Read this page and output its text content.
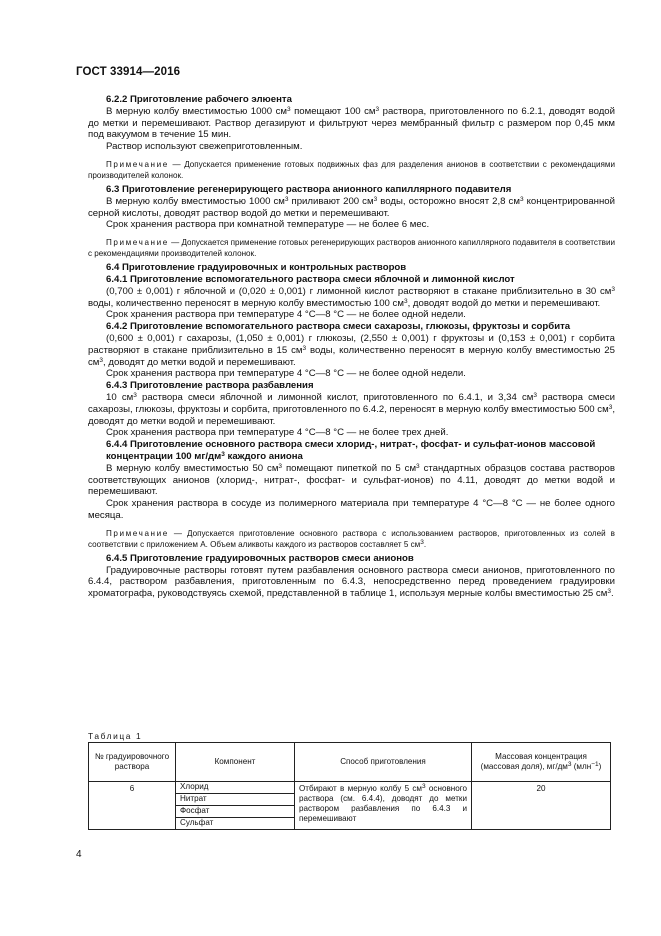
ГОСТ 33914—2016

6.2.2 Приготовление рабочего элюента

В мерную колбу вместимостью 1000 $см^3$ помещают 100 $см^3$ раствора, приготовленного по 6.2.1, доводят водой до метки и перемешивают. Раствор дегазируют и фильтруют через мембранный фильтр с размером пор 0,45 мкм под вакуумом в течение 15 мин.

Раствор используют свежеприготовленным.

Примечание — Допускается применение готовых подвижных фаз для разделения анионов в соответствии с рекомендациями производителей колонок.

6.3 Приготовление регенерирующего раствора анионного капиллярного подавителя

В мерную колбу вместимостью 1000 $см^3$ приливают 200 $см^3$ воды, осторожно вносят 2,8 $см^3$ концентрированной серной кислоты, доводят раствор водой до метки и перемешивают.

Срок хранения раствора при комнатной температуре — не более 6 мес.

Примечание — Допускается применение готовых регенерирующих растворов анионного капиллярного подавителя в соответствии с рекомендациями производителей колонок.

6.4 Приготовление градуировочных и контрольных растворов

6.4.1 Приготовление вспомогательного раствора смеси яблочной и лимонной кислот

(0,700 ± 0,001) г яблочной и (0,020 ± 0,001) г лимонной кислот растворяют в стакане приблизительно в 30 $см^3$ воды, количественно переносят в мерную колбу вместимостью 100 $см^3$, доводят водой до метки и перемешивают.

Срок хранения раствора при температуре 4 °С—8 °С — не более одной недели.

6.4.2 Приготовление вспомогательного раствора смеси сахарозы, глюкозы, фруктозы и сорбита

(0,600 ± 0,001) г сахарозы, (1,050 ± 0,001) г глюкозы, (2,550 ± 0,001) г фруктозы и (0,153 ± 0,001) г сорбита растворяют в стакане приблизительно в 15 $см^3$ воды, количественно переносят в мерную колбу вместимостью 25 $см^3$, доводят до метки водой и перемешивают.

Срок хранения раствора при температуре 4 °С—8 °С — не более одной недели.

6.4.3 Приготовление раствора разбавления

10 $см^3$ раствора смеси яблочной и лимонной кислот, приготовленного по 6.4.1, и 3,34 $см^3$ раствора смеси сахарозы, глюкозы, фруктозы и сорбита, приготовленного по 6.4.2, переносят в мерную колбу вместимостью 500 $см^3$, доводят до метки водой и перемешивают.

Срок хранения раствора при температуре 4 °С—8 °С — не более трех дней.

6.4.4 Приготовление основного раствора смеси хлорид-, нитрат-, фосфат- и сульфат-ионов массовой концентрации 100 $мг/дм^3$ каждого аниона

В мерную колбу вместимостью 50 $см^3$ помещают пипеткой по 5 $см^3$ стандартных образцов состава растворов соответствующих анионов (хлорид-, нитрат-, фосфат- и сульфат-ионов) по 4.11, доводят до метки водой и перемешивают.

Срок хранения раствора в сосуде из полимерного материала при температуре 4 °С—8 °С — не более одного месяца.

Примечание — Допускается приготовление основного раствора с использованием растворов, приготовленных из солей в соответствии с приложением А. Объем аликвоты каждого из растворов составляет 5 $см^3$.

6.4.5 Приготовление градуировочных растворов смеси анионов

Градуировочные растворы готовят путем разбавления основного раствора смеси анионов, приготовленного по 6.4.4, раствором разбавления, приготовленным по 6.4.3, непосредственно перед проведением градуировки хроматографа, руководствуясь схемой, представленной в таблице 1, используя мерные колбы вместимостью 25 $см^3$.

Таблица 1
№ градуировочного раствора	Компонент	Способ приготовления	Массовая концентрация (массовая доля), $мг/дм^3$ (млн$^{-1}$)
6	Хлорид	Отбирают в мерную колбу 5 $см^3$ основного раствора (см. 6.4.4), доводят до метки раствором разбавления по 6.4.3 и перемешивают	20
	Нитрат		
	Фосфат		
	Сульфат		
4
